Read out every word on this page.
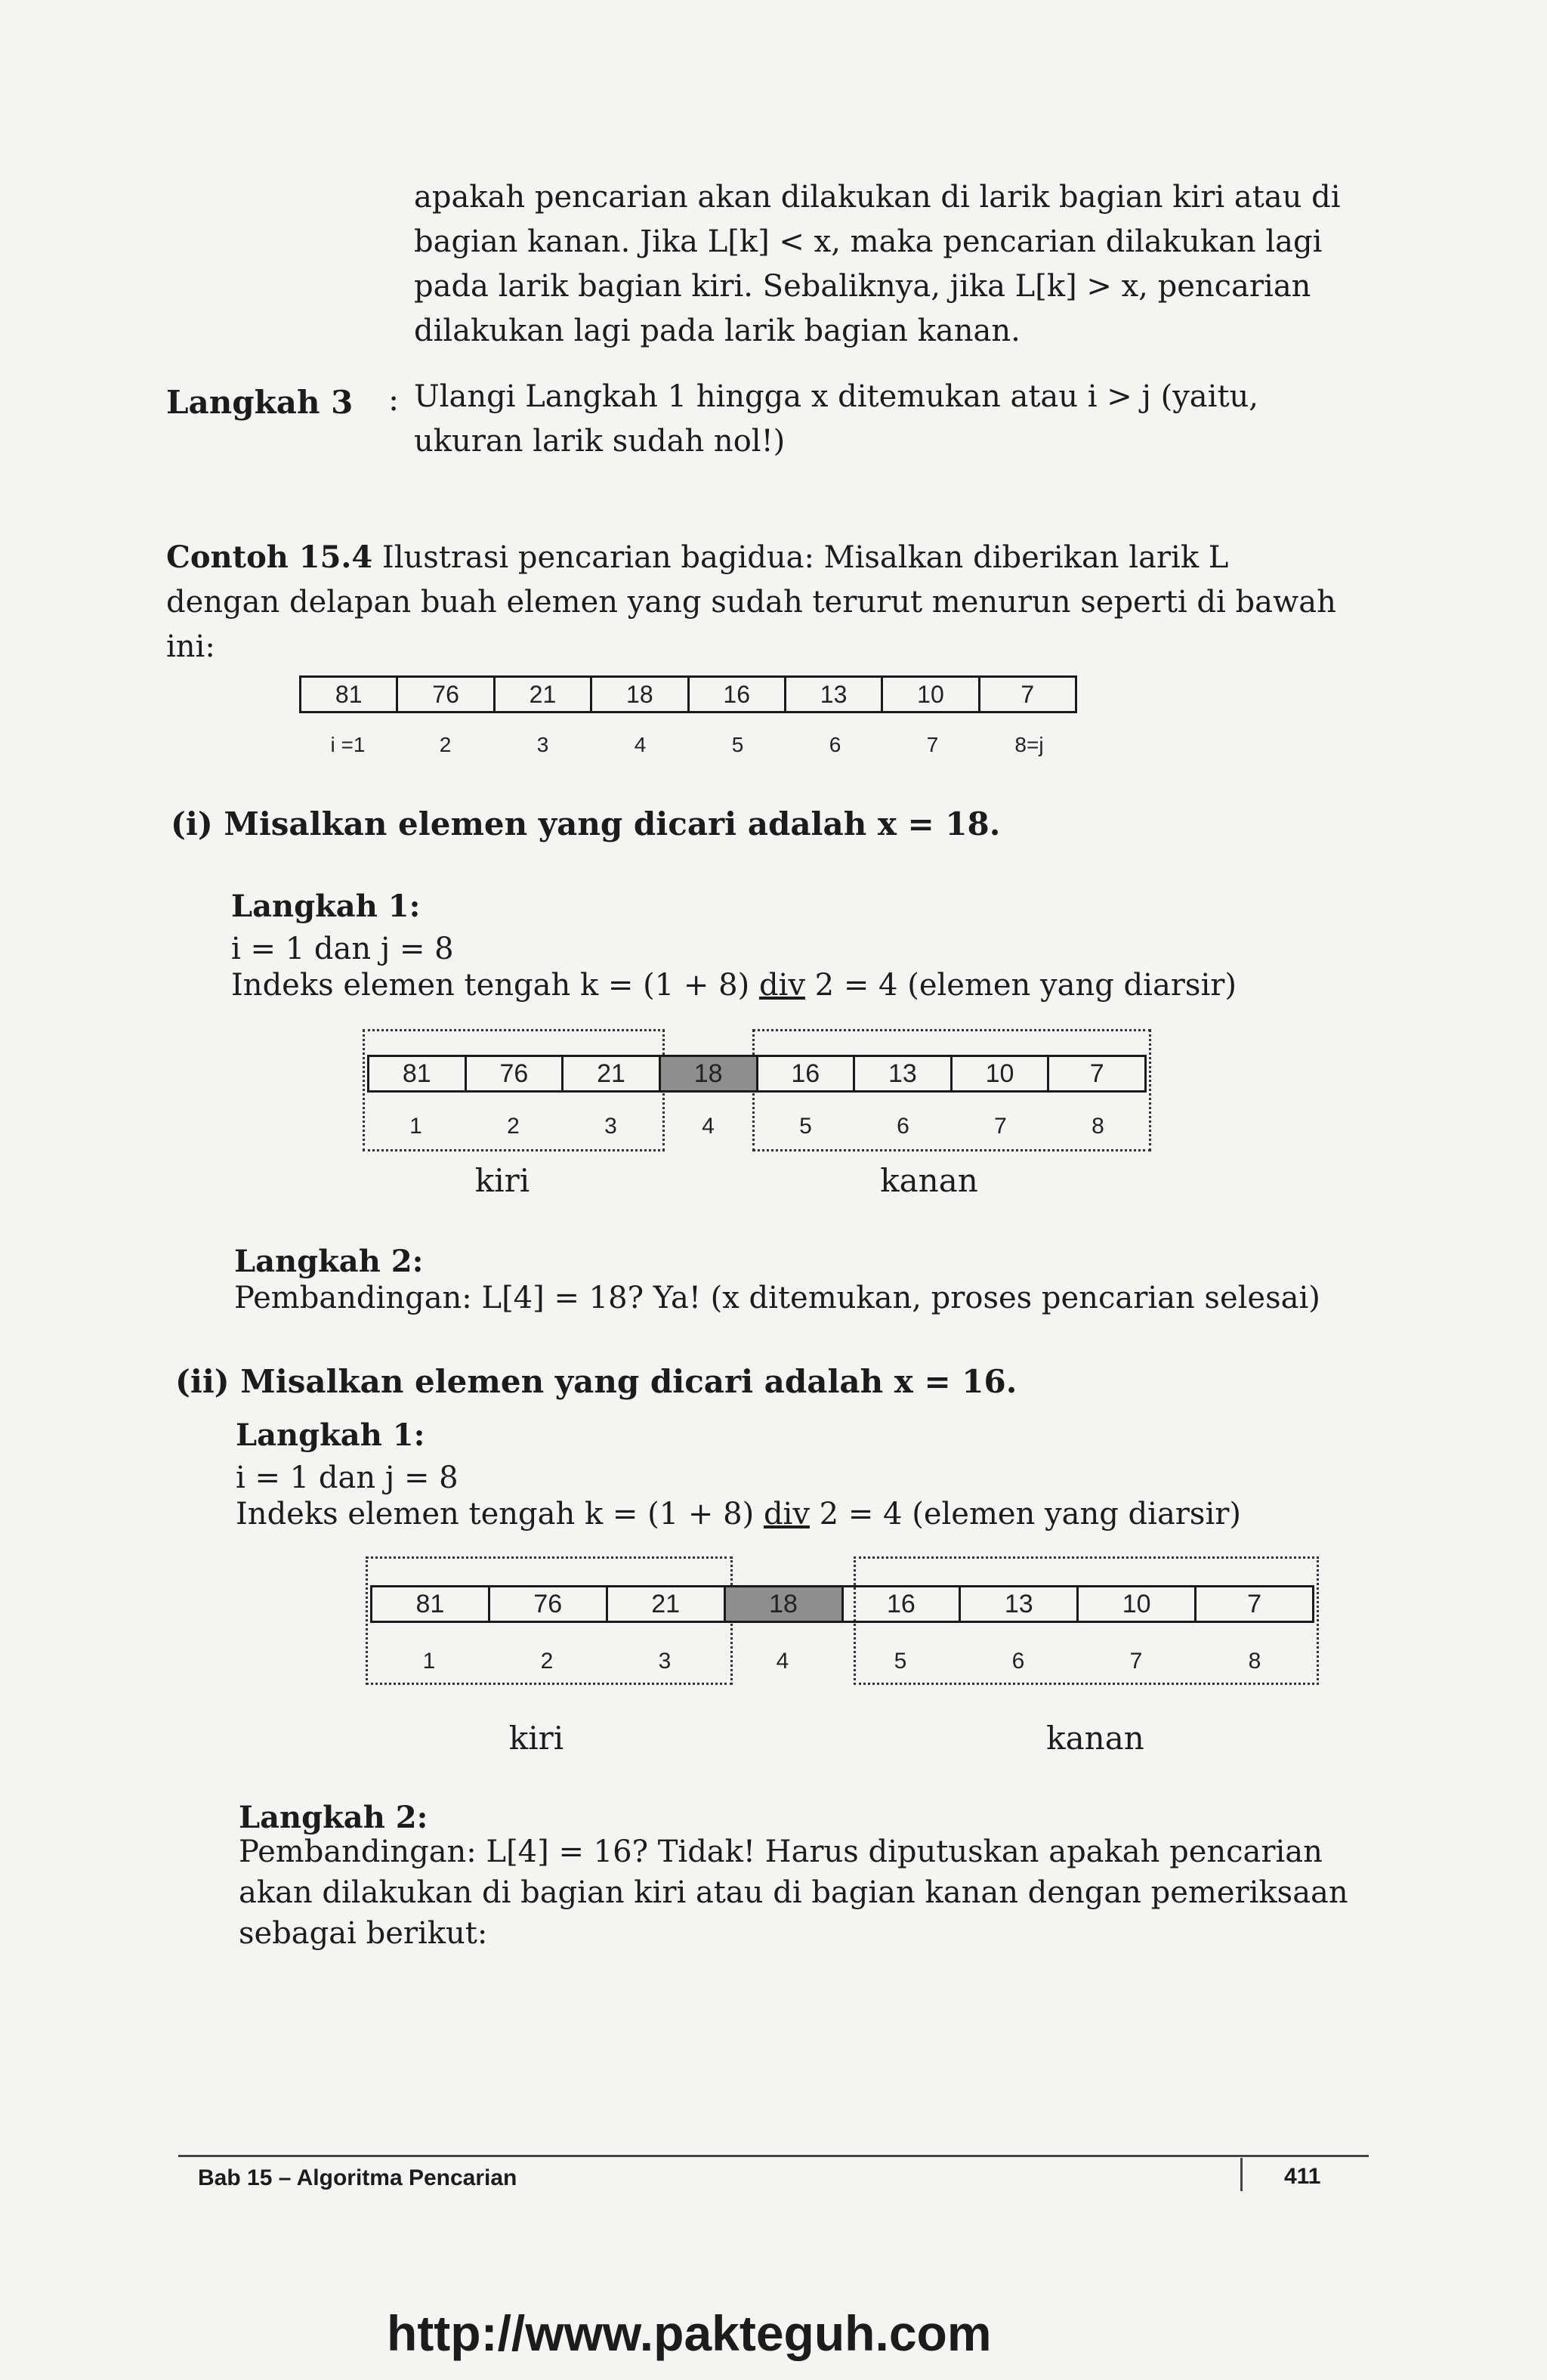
apakah pencarian akan dilakukan di larik bagian kiri atau di
bagian kanan. Jika L[k] < x, maka pencarian dilakukan lagi
pada larik bagian kiri. Sebaliknya, jika L[k] > x, pencarian
dilakukan lagi pada larik bagian kanan.
Langkah 3 : Ulangi Langkah 1 hingga x ditemukan atau i > j (yaitu,
ukuran larik sudah nol!)
Contoh 15.4 Ilustrasi pencarian bagidua: Misalkan diberikan larik L
dengan delapan buah elemen yang sudah terurut menurun seperti di bawah
ini:
81	76	21	18	16	13	10	7
i =1	2	3	4	5	6	7	8=j
(i) Misalkan elemen yang dicari adalah x = 18.
Langkah 1:
i = 1 dan j = 8
Indeks elemen tengah k = (1 + 8) div 2 = 4 (elemen yang diarsir)
81	76	21	18	16	13	10	7
1	2	3	4	5	6	7	8
kiri	kanan
Langkah 2:
Pembandingan: L[4] = 18? Ya! (x ditemukan, proses pencarian selesai)
(ii) Misalkan elemen yang dicari adalah x = 16.
Langkah 1:
i = 1 dan j = 8
Indeks elemen tengah k = (1 + 8) div 2 = 4 (elemen yang diarsir)
81	76	21	18	16	13	10	7
1	2	3	4	5	6	7	8
kiri	kanan
Langkah 2:
Pembandingan: L[4] = 16? Tidak! Harus diputuskan apakah pencarian
akan dilakukan di bagian kiri atau di bagian kanan dengan pemeriksaan
sebagai berikut:
Bab 15 – Algoritma Pencarian	411
http://www.pakteguh.com
